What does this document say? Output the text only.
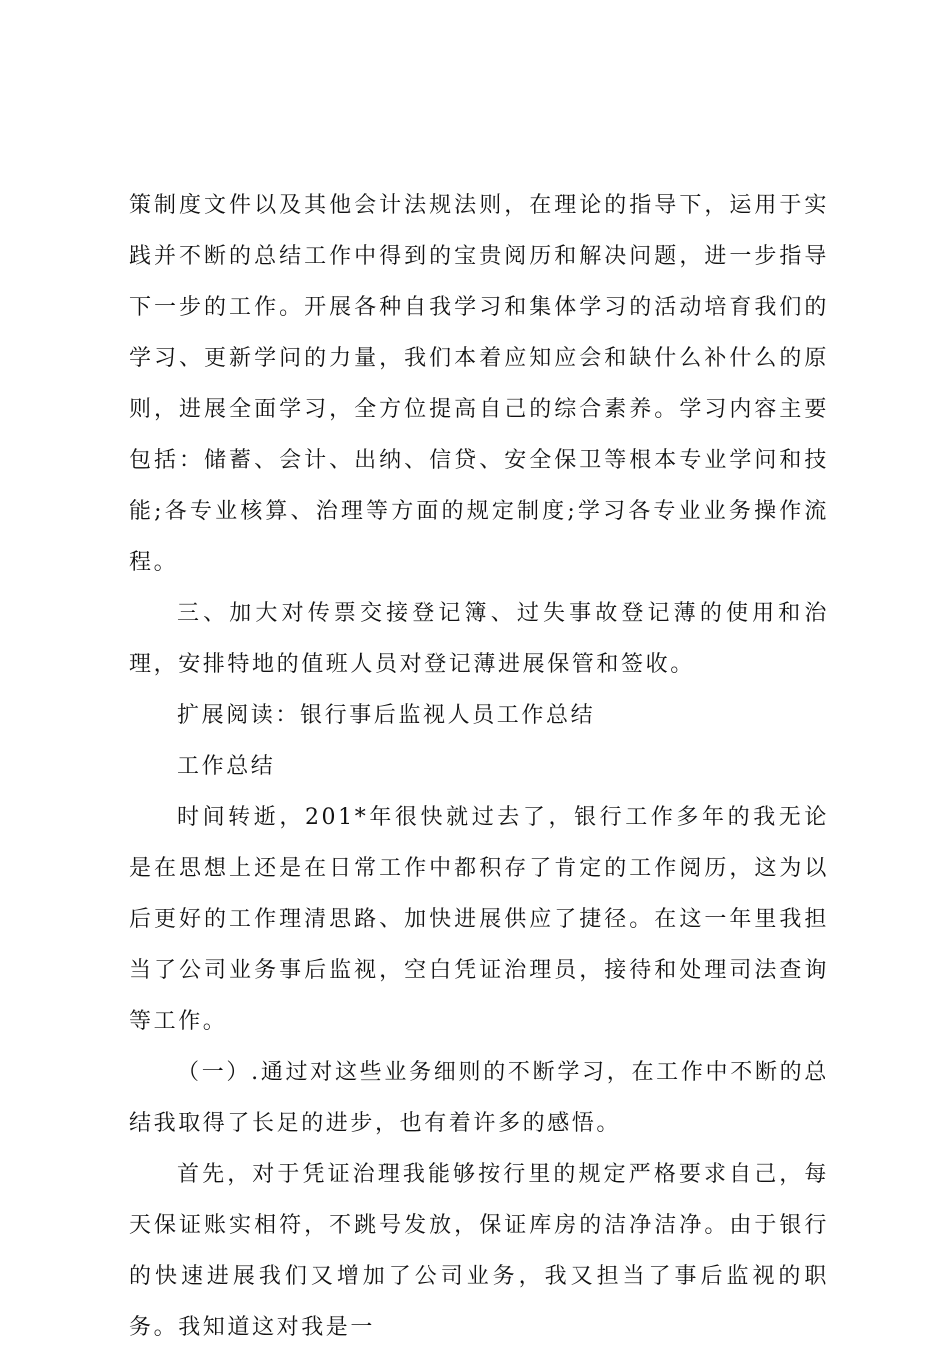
策制度文件以及其他会计法规法则，在理论的指导下，运用于实践并不断的总结工作中得到的宝贵阅历和解决问题，进一步指导下一步的工作。开展各种自我学习和集体学习的活动培育我们的学习、更新学问的力量，我们本着应知应会和缺什么补什么的原则，进展全面学习，全方位提高自己的综合素养。学习内容主要包括：储蓄、会计、出纳、信贷、安全保卫等根本专业学问和技能;各专业核算、治理等方面的规定制度;学习各专业业务操作流程。

三、加大对传票交接登记簿、过失事故登记薄的使用和治理，安排特地的值班人员对登记薄进展保管和签收。

扩展阅读：银行事后监视人员工作总结

工作总结

时间转逝，201*年很快就过去了，银行工作多年的我无论是在思想上还是在日常工作中都积存了肯定的工作阅历，这为以后更好的工作理清思路、加快进展供应了捷径。在这一年里我担当了公司业务事后监视，空白凭证治理员，接待和处理司法查询等工作。

（一）.通过对这些业务细则的不断学习，在工作中不断的总结我取得了长足的进步，也有着许多的感悟。

首先，对于凭证治理我能够按行里的规定严格要求自己，每天保证账实相符，不跳号发放，保证库房的洁净洁净。由于银行的快速进展我们又增加了公司业务，我又担当了事后监视的职务。我知道这对我是一
